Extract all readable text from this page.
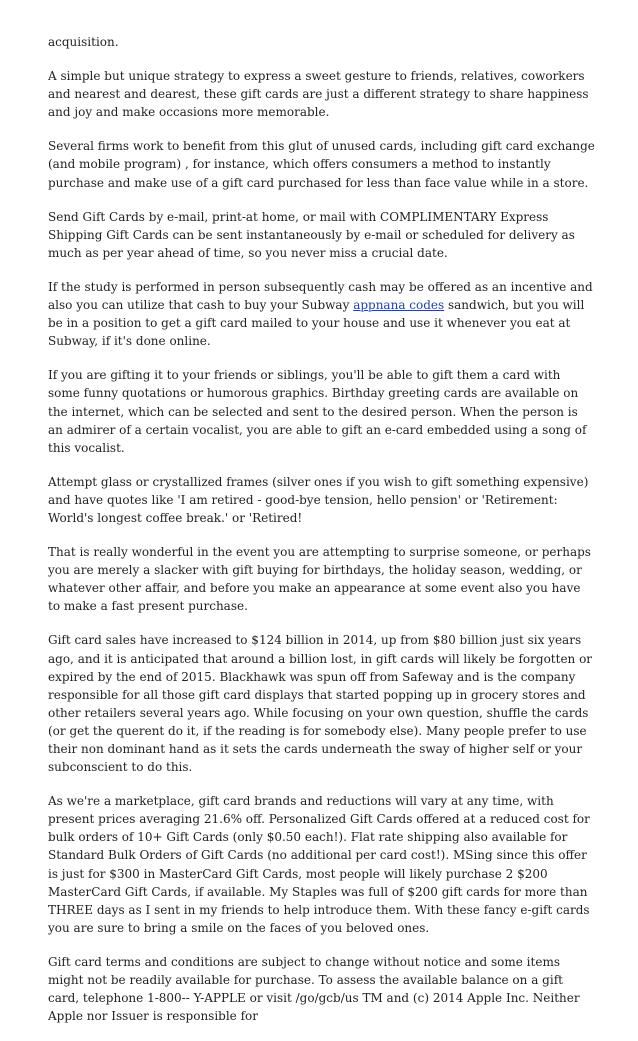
acquisition.

A simple but unique strategy to express a sweet gesture to friends, relatives, coworkers and nearest and dearest, these gift cards are just a different strategy to share happiness and joy and make occasions more memorable.

Several firms work to benefit from this glut of unused cards, including gift card exchange (and mobile program) , for instance, which offers consumers a method to instantly purchase and make use of a gift card purchased for less than face value while in a store.

Send Gift Cards by e-mail, print-at home, or mail with COMPLIMENTARY Express Shipping Gift Cards can be sent instantaneously by e-mail or scheduled for delivery as much as per year ahead of time, so you never miss a crucial date.

If the study is performed in person subsequently cash may be offered as an incentive and also you can utilize that cash to buy your Subway appnana codes sandwich, but you will be in a position to get a gift card mailed to your house and use it whenever you eat at Subway, if it's done online.

If you are gifting it to your friends or siblings, you'll be able to gift them a card with some funny quotations or humorous graphics. Birthday greeting cards are available on the internet, which can be selected and sent to the desired person. When the person is an admirer of a certain vocalist, you are able to gift an e-card embedded using a song of this vocalist.

Attempt glass or crystallized frames (silver ones if you wish to gift something expensive) and have quotes like 'I am retired - good-bye tension, hello pension' or 'Retirement: World's longest coffee break.' or 'Retired!

That is really wonderful in the event you are attempting to surprise someone, or perhaps you are merely a slacker with gift buying for birthdays, the holiday season, wedding, or whatever other affair, and before you make an appearance at some event also you have to make a fast present purchase.

Gift card sales have increased to $124 billion in 2014, up from $80 billion just six years ago, and it is anticipated that around a billion lost, in gift cards will likely be forgotten or expired by the end of 2015. Blackhawk was spun off from Safeway and is the company responsible for all those gift card displays that started popping up in grocery stores and other retailers several years ago. While focusing on your own question, shuffle the cards (or get the querent do it, if the reading is for somebody else). Many people prefer to use their non dominant hand as it sets the cards underneath the sway of higher self or your subconscient to do this.

As we're a marketplace, gift card brands and reductions will vary at any time, with present prices averaging 21.6% off. Personalized Gift Cards offered at a reduced cost for bulk orders of 10+ Gift Cards (only $0.50 each!). Flat rate shipping also available for Standard Bulk Orders of Gift Cards (no additional per card cost!). MSing since this offer is just for $300 in MasterCard Gift Cards, most people will likely purchase 2 $200 MasterCard Gift Cards, if available. My Staples was full of $200 gift cards for more than THREE days as I sent in my friends to help introduce them. With these fancy e-gift cards you are sure to bring a smile on the faces of you beloved ones.

Gift card terms and conditions are subject to change without notice and some items might not be readily available for purchase. To assess the available balance on a gift card, telephone 1-800-- Y-APPLE or visit /go/gcb/us TM and (c) 2014 Apple Inc. Neither Apple nor Issuer is responsible for
